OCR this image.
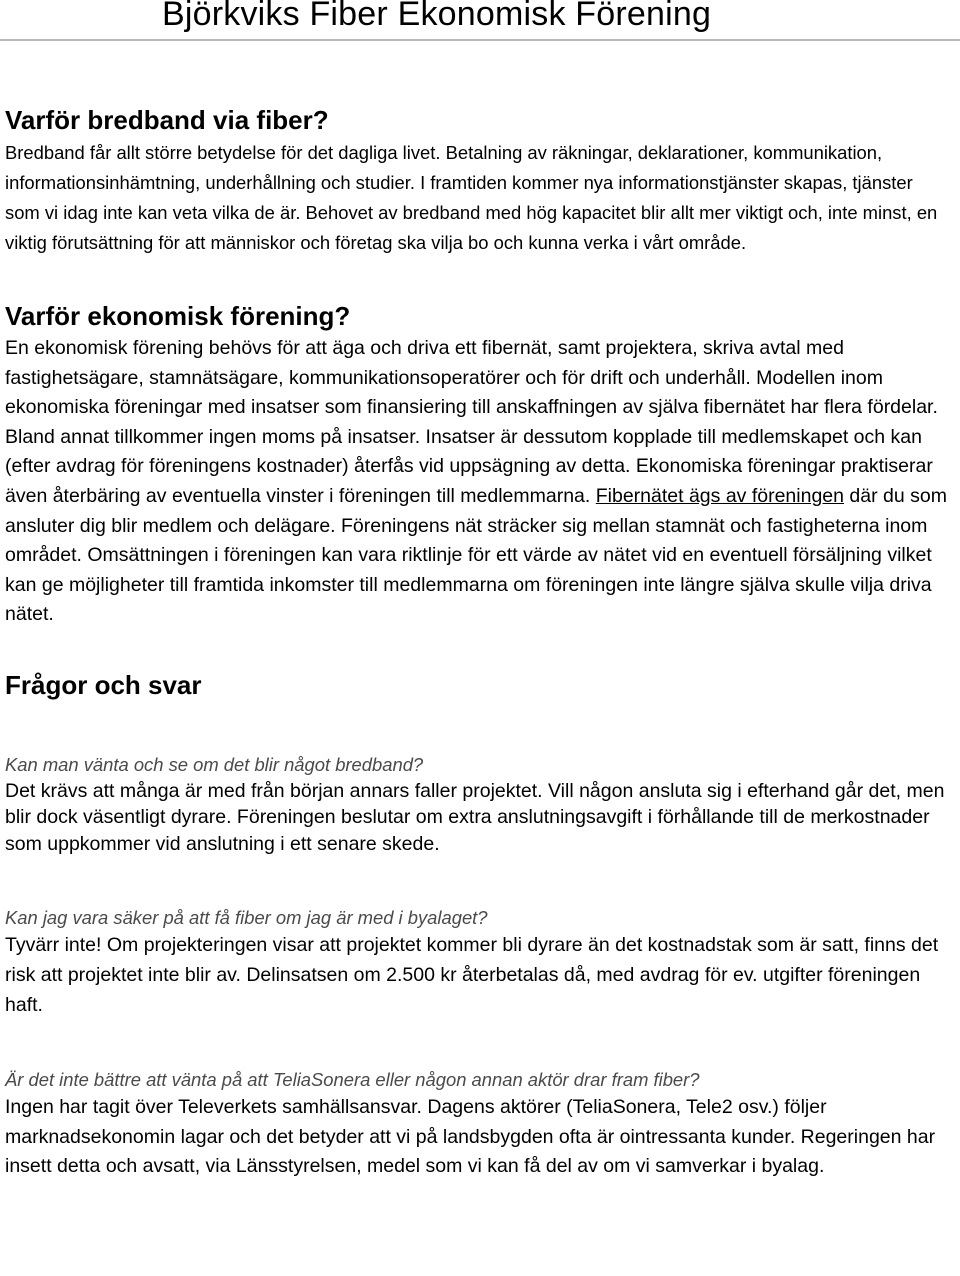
Björkviks Fiber Ekonomisk Förening
Varför bredband via fiber?

Bredband får allt större betydelse för det dagliga livet. Betalning av räkningar, deklarationer, kommunikation, informationsinhämtning, underhållning och studier. I framtiden kommer nya informationstjänster skapas, tjänster som vi idag inte kan veta vilka de är. Behovet av bredband med hög kapacitet blir allt mer viktigt och, inte minst, en viktig förutsättning för att människor och företag ska vilja bo och kunna verka i vårt område.

Varför ekonomisk förening?

En ekonomisk förening behövs för att äga och driva ett fibernät, samt projektera, skriva avtal med fastighetsägare, stamnätsägare, kommunikationsoperatörer och för drift och underhåll. Modellen inom ekonomiska föreningar med insatser som finansiering till anskaffningen av själva fibernätet har flera fördelar. Bland annat tillkommer ingen moms på insatser. Insatser är dessutom kopplade till medlemskapet och kan (efter avdrag för föreningens kostnader) återfås vid uppsägning av detta. Ekonomiska föreningar praktiserar även återbäring av eventuella vinster i föreningen till medlemmarna. Fibernätet ägs av föreningen där du som ansluter dig blir medlem och delägare. Föreningens nät sträcker sig mellan stamnät och fastigheterna inom området. Omsättningen i föreningen kan vara riktlinje för ett värde av nätet vid en eventuell försäljning vilket kan ge möjligheter till framtida inkomster till medlemmarna om föreningen inte längre själva skulle vilja driva nätet.

Frågor och svar

Kan man vänta och se om det blir något bredband?

Det krävs att många är med från början annars faller projektet. Vill någon ansluta sig i efterhand går det, men blir dock väsentligt dyrare. Föreningen beslutar om extra anslutningsavgift i förhållande till de merkostnader som uppkommer vid anslutning i ett senare skede.

Kan jag vara säker på att få fiber om jag är med i byalaget?

Tyvärr inte! Om projekteringen visar att projektet kommer bli dyrare än det kostnadstak som är satt, finns det risk att projektet inte blir av. Delinsatsen om 2.500 kr återbetalas då, med avdrag för ev. utgifter föreningen haft.

Är det inte bättre att vänta på att TeliaSonera eller någon annan aktör drar fram fiber?

Ingen har tagit över Televerkets samhällsansvar. Dagens aktörer (TeliaSonera, Tele2 osv.) följer marknadsekonomin lagar och det betyder att vi på landsbygden ofta är ointressanta kunder. Regeringen har insett detta och avsatt, via Länsstyrelsen, medel som vi kan få del av om vi samverkar i byalag.
